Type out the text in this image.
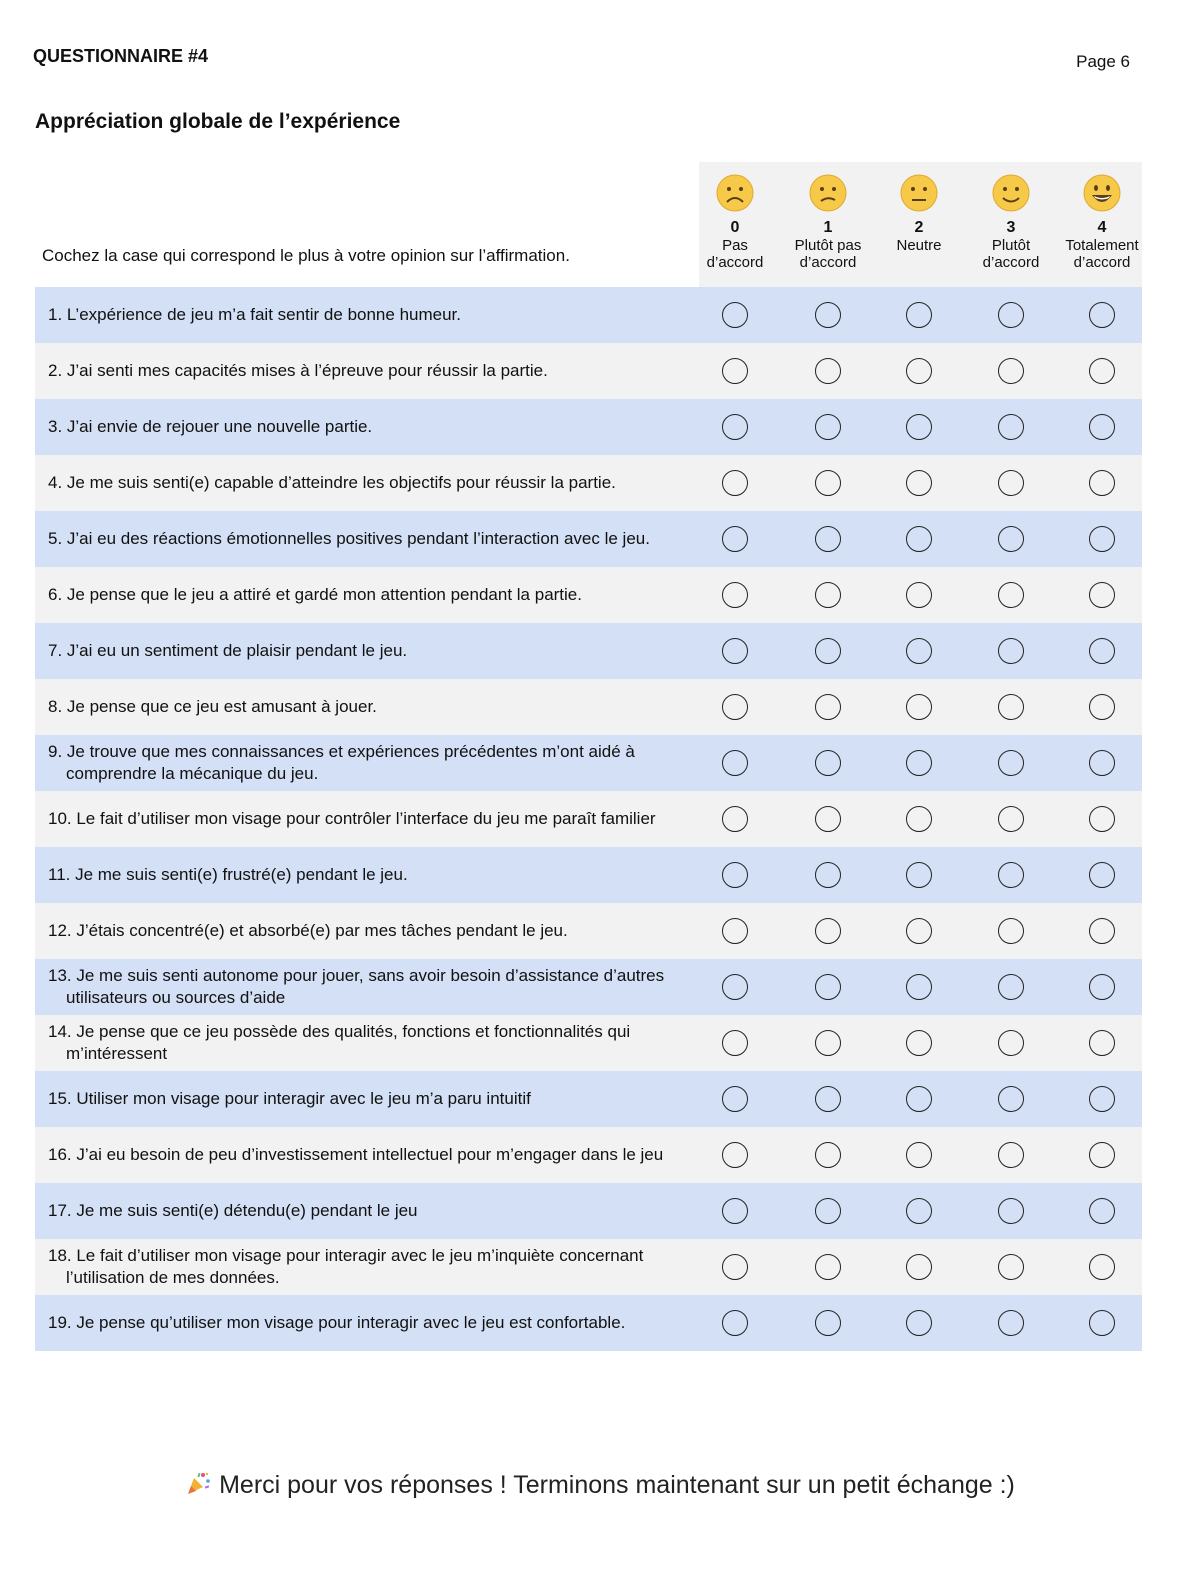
QUESTIONNAIRE #4	Page 6
Appréciation globale de l’expérience
Cochez la case qui correspond le plus à votre opinion sur l’affirmation.
0
Pas
d’accord
1
Plutôt pas
d’accord
2
Neutre
3
Plutôt
d’accord
4
Totalement
d’accord
1. L’expérience de jeu m’a fait sentir de bonne humeur.
2. J’ai senti mes capacités mises à l’épreuve pour réussir la partie.
3. J’ai envie de rejouer une nouvelle partie.
4. Je me suis senti(e) capable d’atteindre les objectifs pour réussir la partie.
5. J’ai eu des réactions émotionnelles positives pendant l’interaction avec le jeu.
6. Je pense que le jeu a attiré et gardé mon attention pendant la partie.
7. J’ai eu un sentiment de plaisir pendant le jeu.
8. Je pense que ce jeu est amusant à jouer.
9. Je trouve que mes connaissances et expériences précédentes m’ont aidé à comprendre la mécanique du jeu.
10. Le fait d’utiliser mon visage pour contrôler l’interface du jeu me paraît familier
11. Je me suis senti(e) frustré(e) pendant le jeu.
12. J’étais concentré(e) et absorbé(e) par mes tâches pendant le jeu.
13. Je me suis senti autonome pour jouer, sans avoir besoin d’assistance d’autres utilisateurs ou sources d’aide
14. Je pense que ce jeu possède des qualités, fonctions et fonctionnalités qui m’intéressent
15. Utiliser mon visage pour interagir avec le jeu m’a paru intuitif
16. J’ai eu besoin de peu d’investissement intellectuel pour m’engager dans le jeu
17. Je me suis senti(e) détendu(e) pendant le jeu
18. Le fait d’utiliser mon visage pour interagir avec le jeu m’inquiète concernant l’utilisation de mes données.
19. Je pense qu’utiliser mon visage pour interagir avec le jeu est confortable.
Merci pour vos réponses ! Terminons maintenant sur un petit échange :)
